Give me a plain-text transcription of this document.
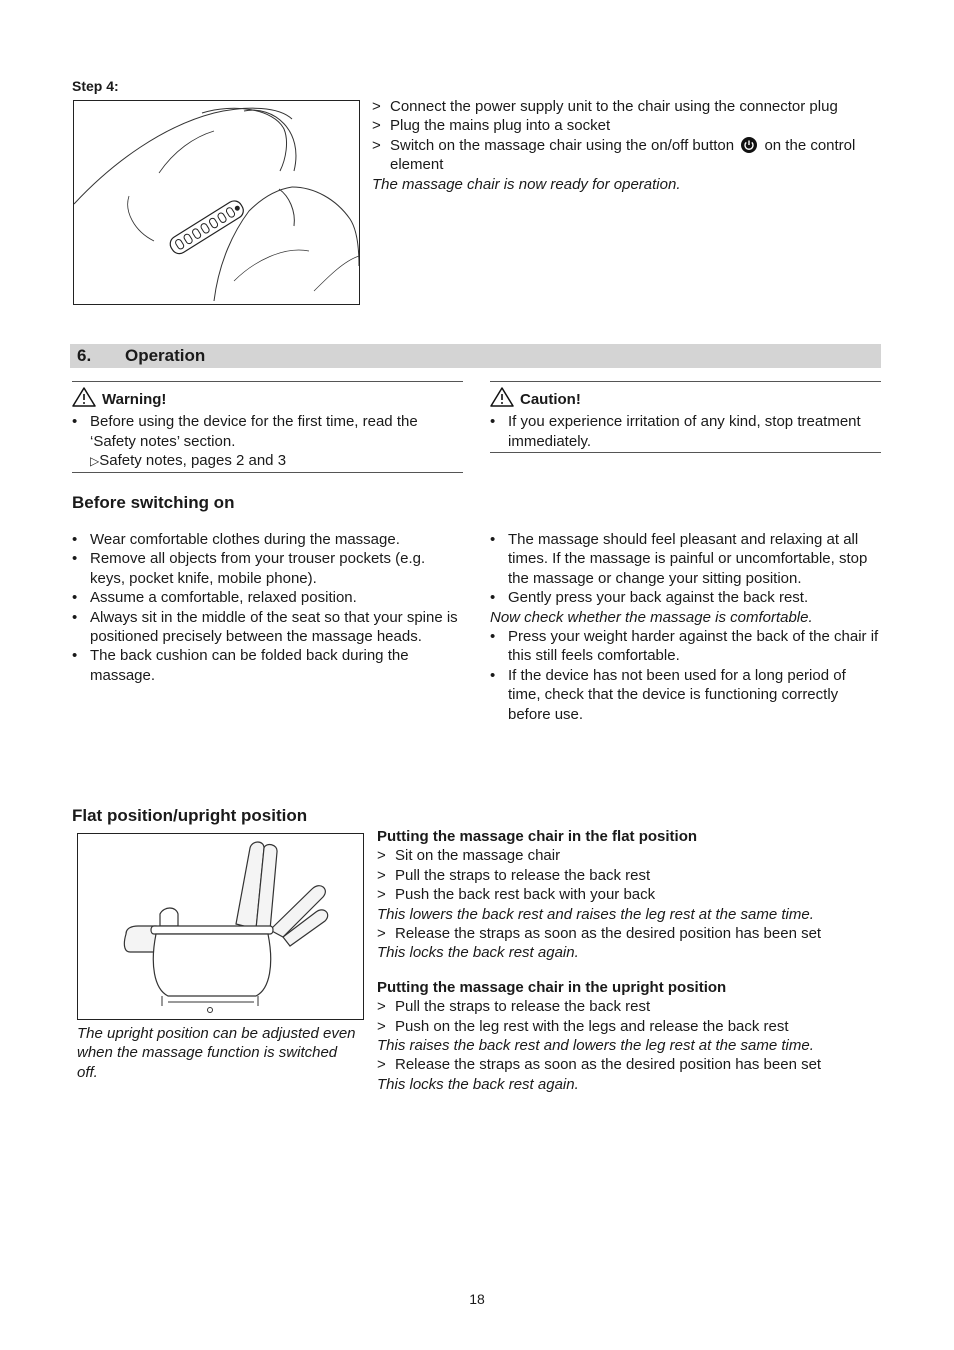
Step 4:
> Connect the power supply unit to the chair using the connector plug
> Plug the mains plug into a socket
> Switch on the massage chair using the on/off button on the control element
The massage chair is now ready for operation.
6. Operation
Warning!
• Before using the device for the first time, read the ‘Safety notes’ section.
▷Safety notes, pages 2 and 3
Caution!
• If you experience irritation of any kind, stop treatment immediately.
Before switching on
• Wear comfortable clothes during the massage.
• Remove all objects from your trouser pockets (e.g. keys, pocket knife, mobile phone).
• Assume a comfortable, relaxed position.
• Always sit in the middle of the seat so that your spine is positioned precisely between the massage heads.
• The back cushion can be folded back during the massage.
• The massage should feel pleasant and relaxing at all times. If the massage is painful or uncomfortable, stop the massage or change your sitting position.
• Gently press your back against the back rest.
Now check whether the massage is comfortable.
• Press your weight harder against the back of the chair if this still feels comfortable.
• If the device has not been used for a long period of time, check that the device is functioning correctly before use.
Flat position/upright position
The upright position can be adjusted even when the massage function is switched off.
Putting the massage chair in the flat position
> Sit on the massage chair
> Pull the straps to release the back rest
> Push the back rest back with your back
This lowers the back rest and raises the leg rest at the same time.
> Release the straps as soon as the desired position has been set
This locks the back rest again.
Putting the massage chair in the upright position
> Pull the straps to release the back rest
> Push on the leg rest with the legs and release the back rest
This raises the back rest and lowers the leg rest at the same time.
> Release the straps as soon as the desired position has been set
This locks the back rest again.
18
